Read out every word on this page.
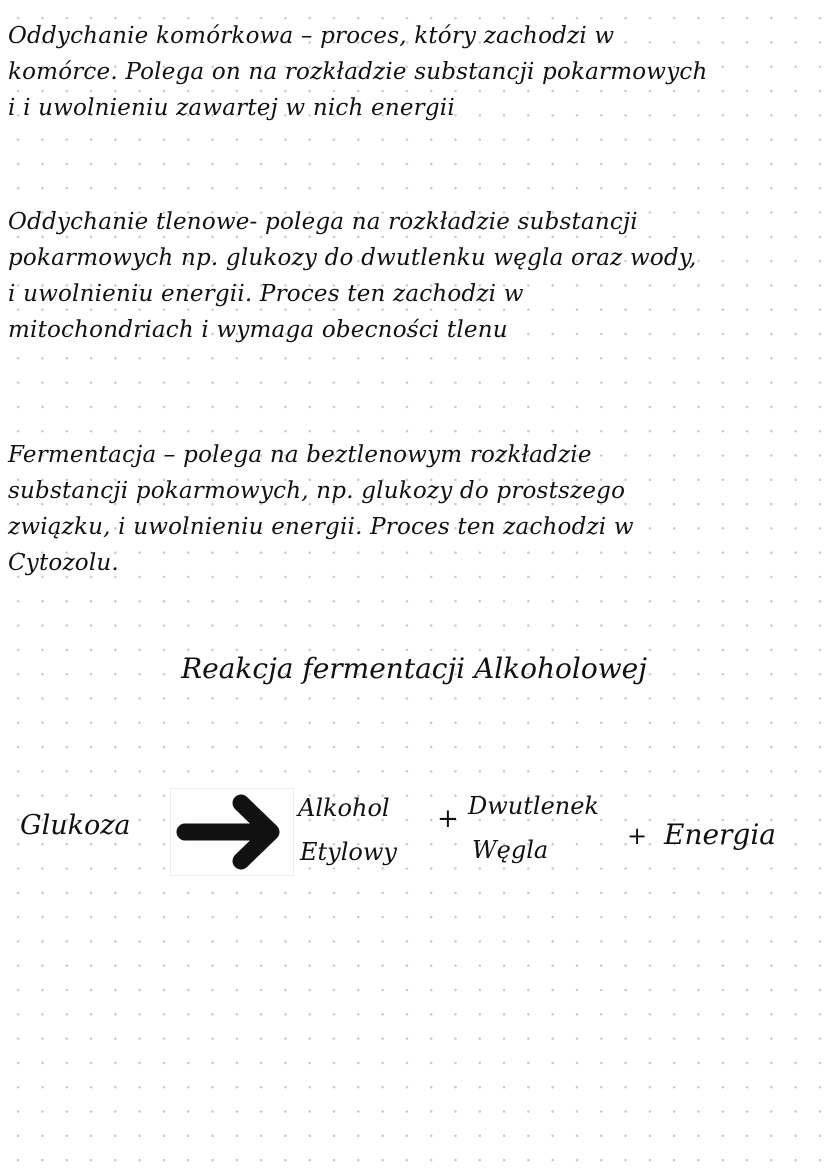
Oddychanie komórkowa – proces, który zachodzi w
komórce. Polega on na rozkładzie substancji pokarmowych
i i uwolnieniu zawartej w nich energii
Oddychanie tlenowe- polega na rozkładzie substancji
pokarmowych np. glukozy do dwutlenku węgla oraz wody,
i uwolnieniu energii. Proces ten zachodzi w
mitochondriach i wymaga obecności tlenu
Fermentacja – polega na beztlenowym rozkładzie
substancji pokarmowych, np. glukozy do prostszego
związku, i uwolnieniu energii. Proces ten zachodzi w
Cytozolu.
Reakcja fermentacji Alkoholowej
Glukoza
Alkohol
Etylowy
+ Dwutlenek
Węgla	+ Energia
